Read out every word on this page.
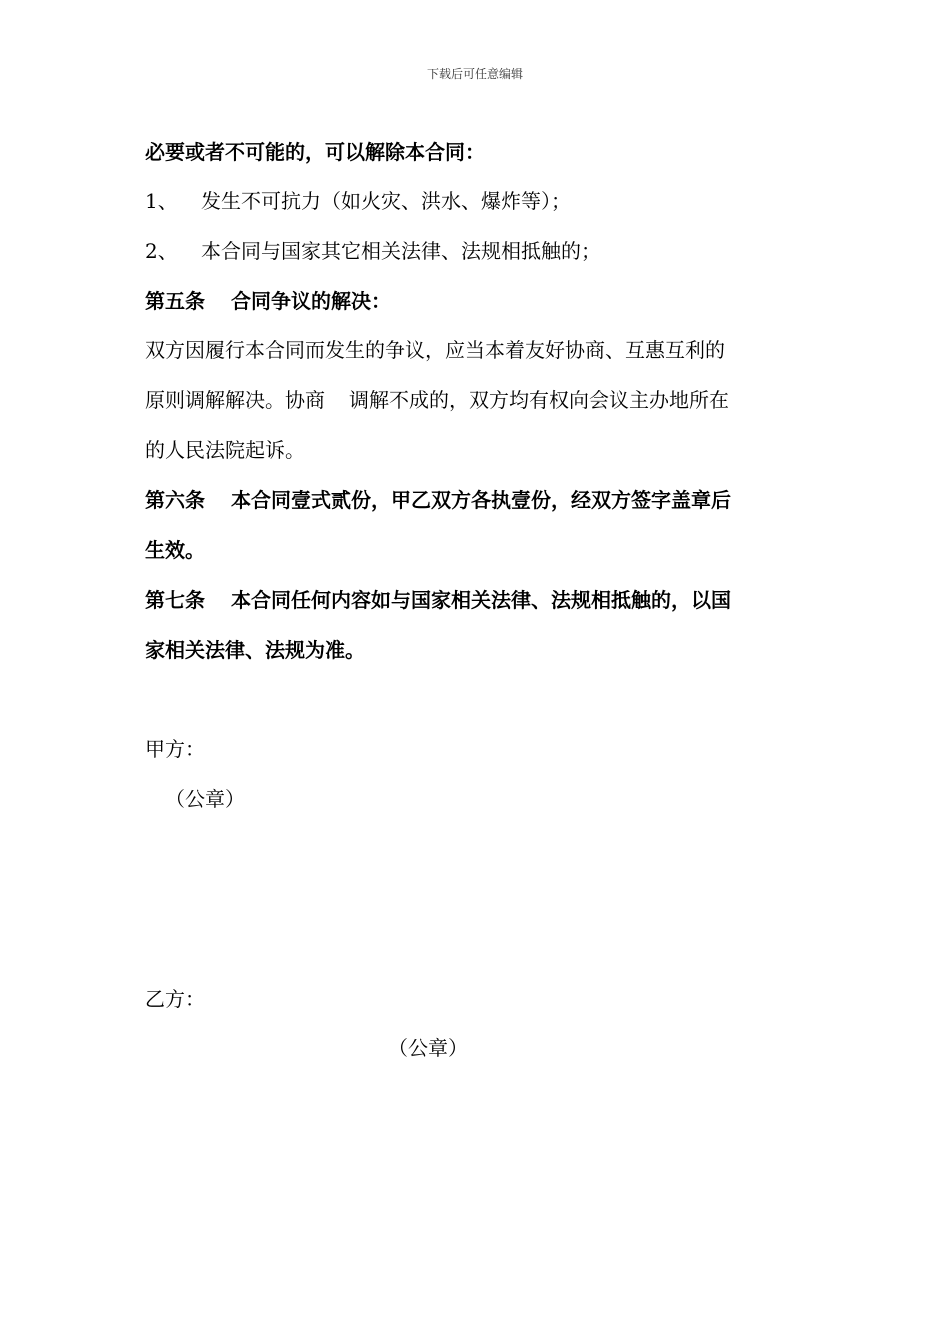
下载后可任意编辑
必要或者不可能的，可以解除本合同：
1、 发生不可抗力（如火灾、洪水、爆炸等）；
2、 本合同与国家其它相关法律、法规相抵触的；
第五条 合同争议的解决：
双方因履行本合同而发生的争议，应当本着友好协商、互惠互利的
原则调解解决。协商 调解不成的，双方均有权向会议主办地所在
的人民法院起诉。
第六条 本合同壹式贰份，甲乙双方各执壹份，经双方签字盖章后
生效。
第七条 本合同任何内容如与国家相关法律、法规相抵触的，以国
家相关法律、法规为准。
甲方：
（公章）
乙方：
（公章）
